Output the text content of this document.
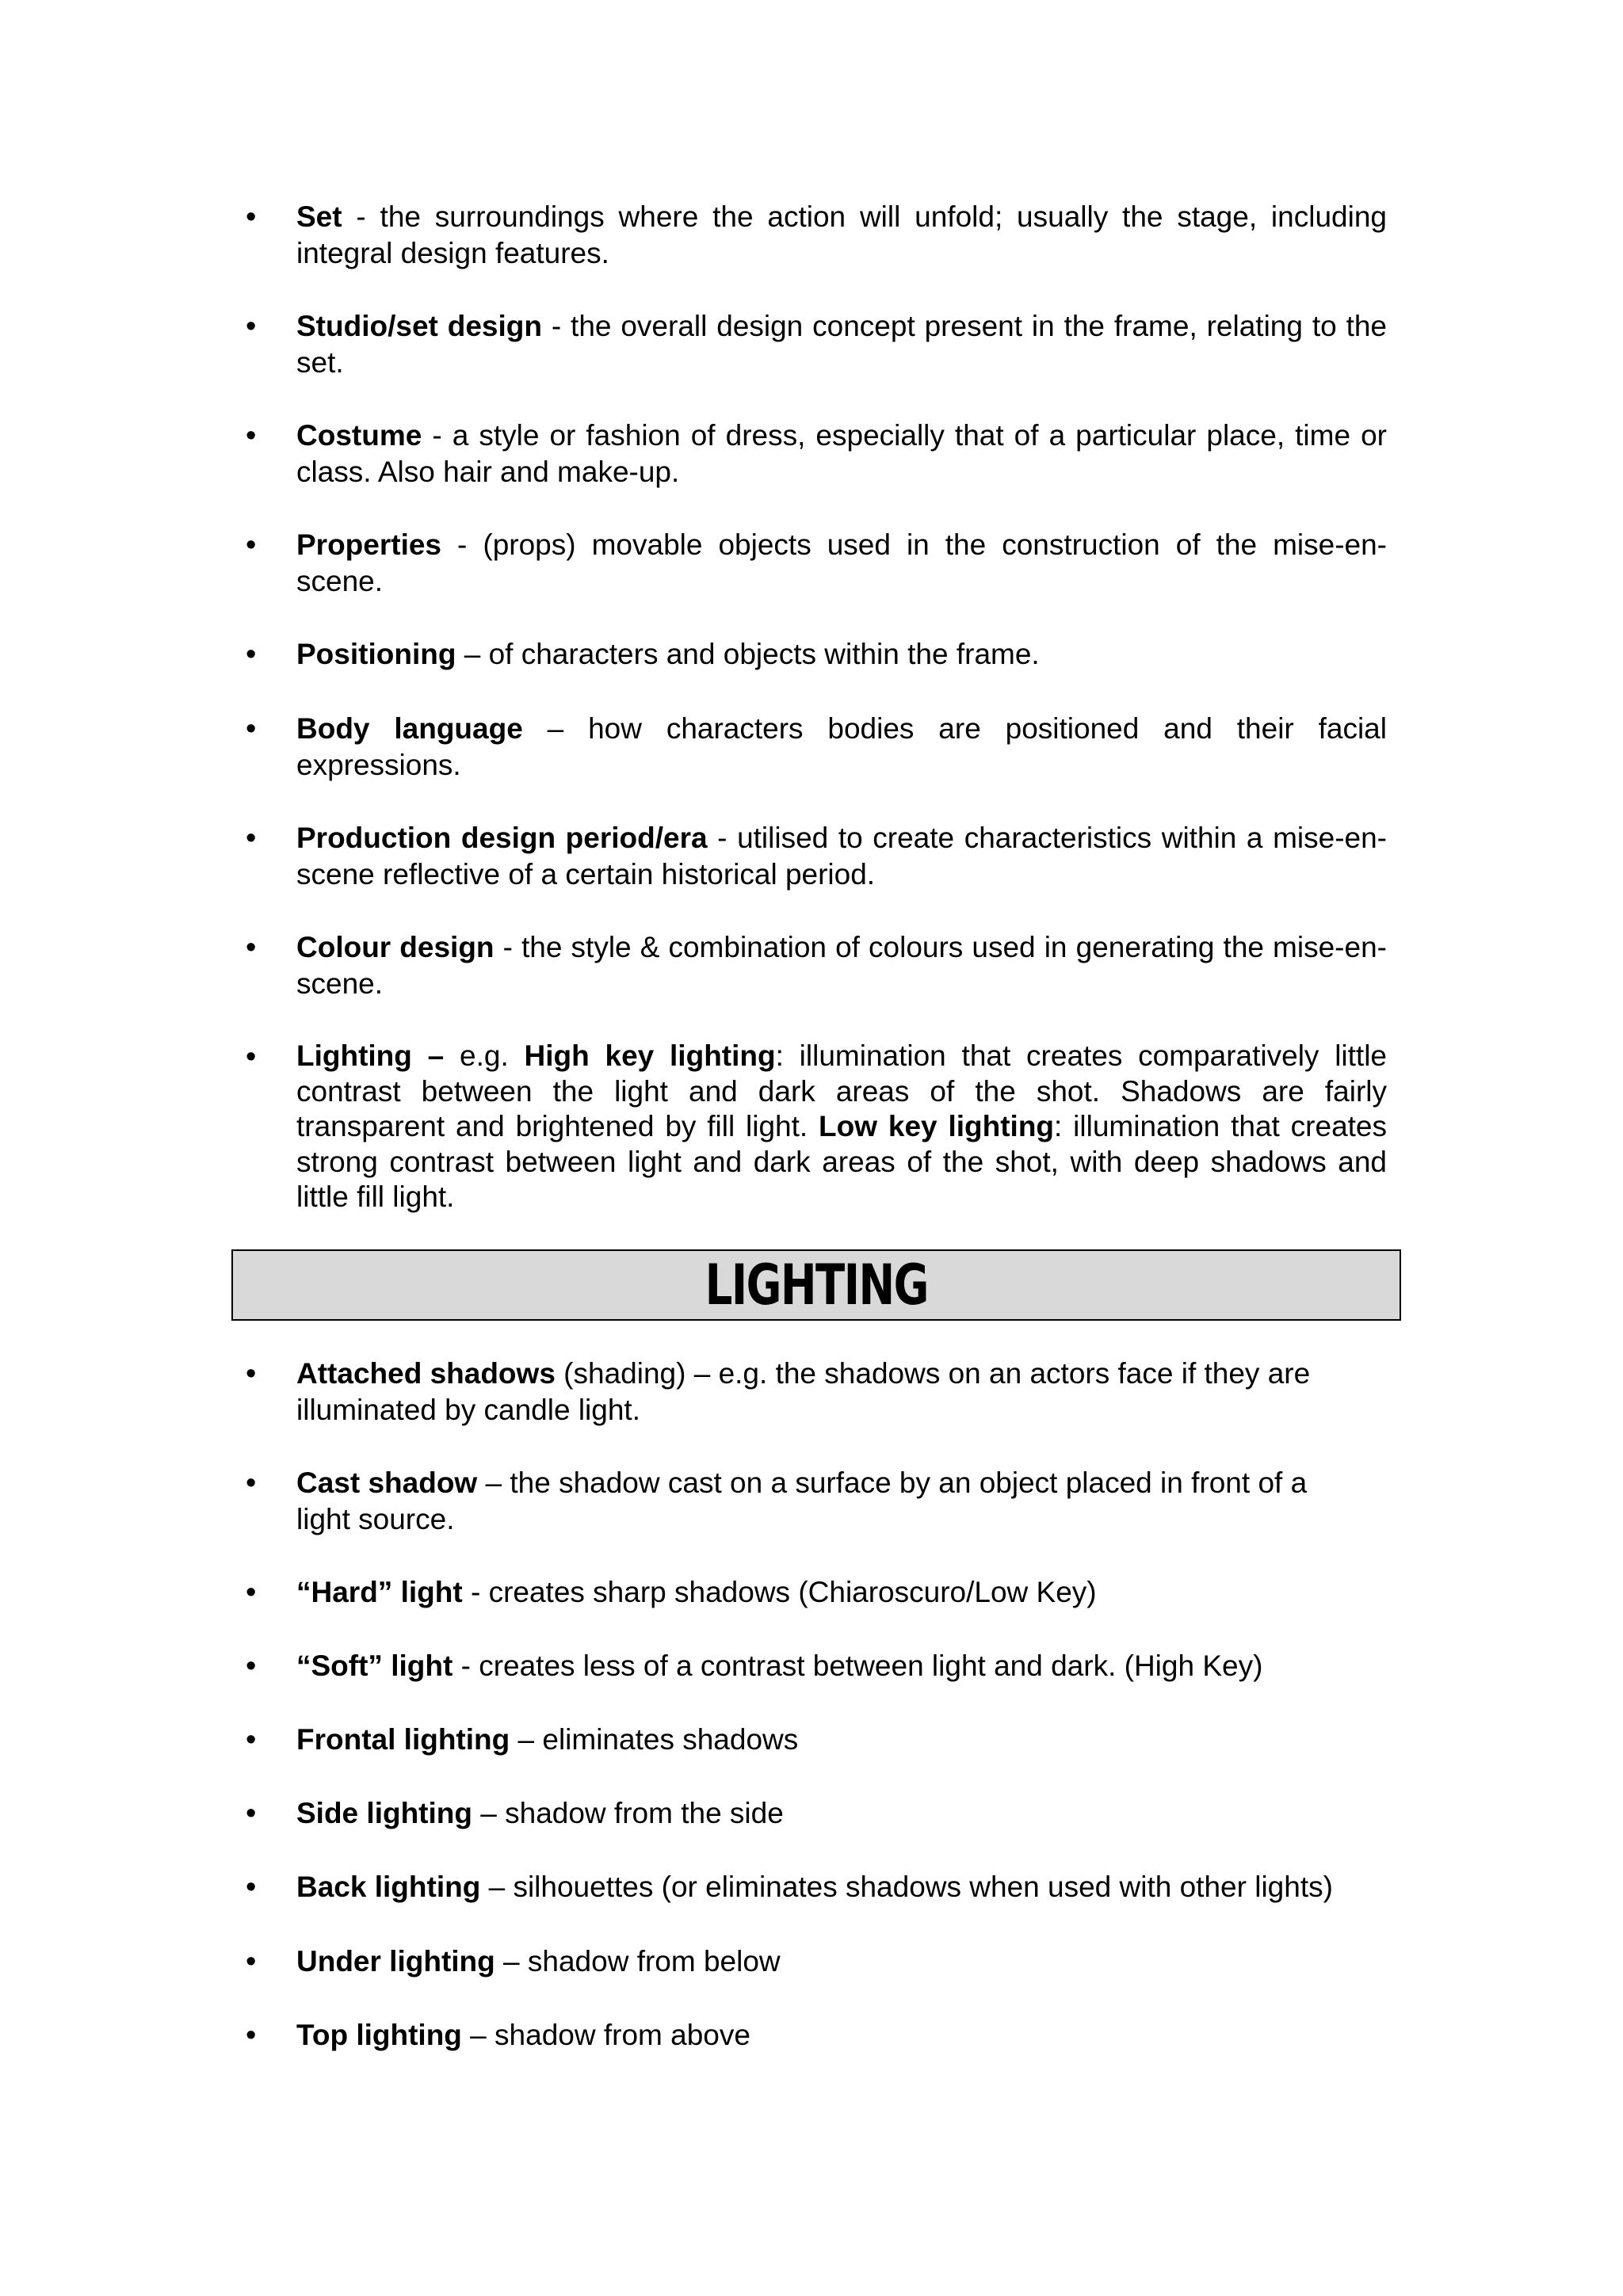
•	Set - the surroundings where the action will unfold; usually the stage, including integral design features.
•	Studio/set design - the overall design concept present in the frame, relating to the set.
•	Costume - a style or fashion of dress, especially that of a particular place, time or class. Also hair and make-up.
•	Properties - (props) movable objects used in the construction of the mise-en-scene.
•	Positioning – of characters and objects within the frame.
•	Body language – how characters bodies are positioned and their facial expressions.
•	Production design period/era - utilised to create characteristics within a mise-en-scene reflective of a certain historical period.
•	Colour design - the style & combination of colours used in generating the mise-en-scene.
•	Lighting – e.g. High key lighting: illumination that creates comparatively little contrast between the light and dark areas of the shot. Shadows are fairly transparent and brightened by fill light. Low key lighting: illumination that creates strong contrast between light and dark areas of the shot, with deep shadows and little fill light.
LIGHTING
•	Attached shadows (shading) – e.g. the shadows on an actors face if they are illuminated by candle light.
•	Cast shadow – the shadow cast on a surface by an object placed in front of a light source.
•	“Hard” light - creates sharp shadows (Chiaroscuro/Low Key)
•	“Soft” light - creates less of a contrast between light and dark. (High Key)
•	Frontal lighting – eliminates shadows
•	Side lighting – shadow from the side
•	Back lighting – silhouettes (or eliminates shadows when used with other lights)
•	Under lighting – shadow from below
•	Top lighting – shadow from above
